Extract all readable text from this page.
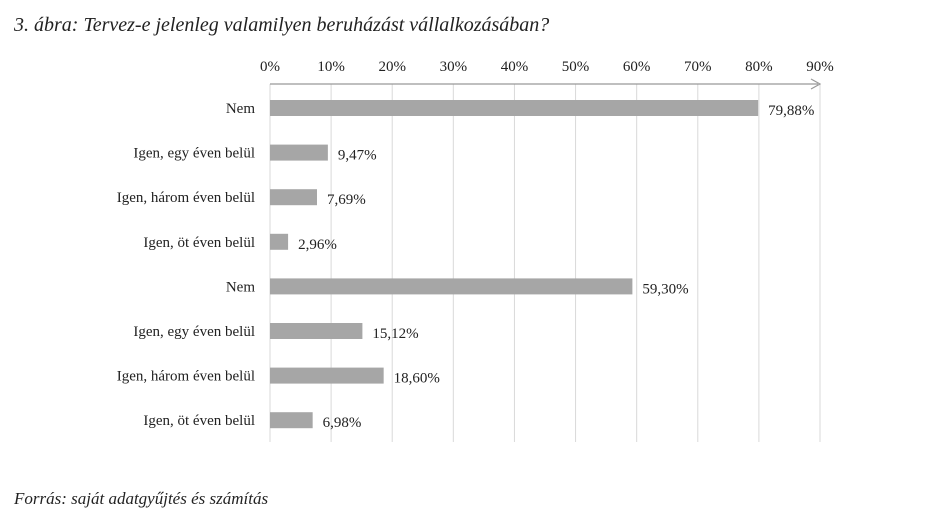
3. ábra: Tervez-e jelenleg valamilyen beruházást vállalkozásában?
0% 10% 20% 30% 40% 50% 60% 70% 80% 90%
Nem	79,88%
Igen, egy éven belül	9,47%
Igen, három éven belül	7,69%
Igen, öt éven belül	2,96%
Nem	59,30%
Igen, egy éven belül	15,12%
Igen, három éven belül	18,60%
Igen, öt éven belül	6,98%
Forrás: saját adatgyűjtés és számítás
